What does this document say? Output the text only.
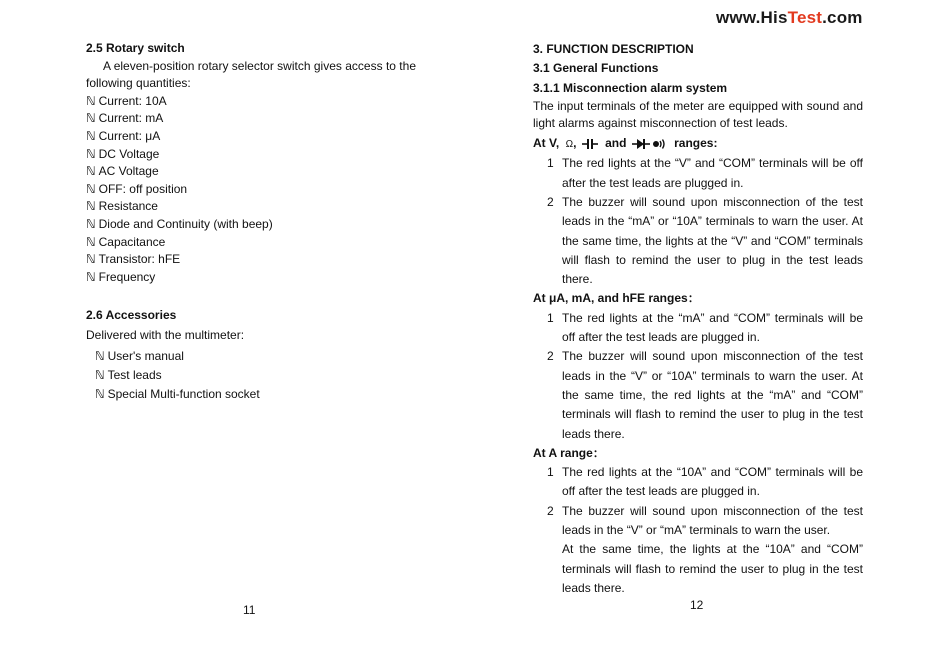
www.HisTest.com

2.5 Rotary switch

A eleven-position rotary selector switch gives access to the following quantities:

ℕ Current: 10A

ℕ Current: mA

ℕ Current: μA

ℕ DC Voltage

ℕ AC Voltage

ℕ OFF: off position

ℕ Resistance

ℕ Diode and Continuity (with beep)

ℕ Capacitance

ℕ Transistor: hFE

ℕ Frequency

2.6 Accessories

Delivered with the multimeter:

ℕ User's manual

ℕ Test leads

ℕ Special Multi-function socket

11

3. FUNCTION DESCRIPTION

3.1 General Functions

3.1.1 Misconnection alarm system

The input terminals of the meter are equipped with sound and light alarms against misconnection of test leads.

At V, Ω, and	ranges:

1 The red lights at the “V” and “COM” terminals will be off after the test leads are plugged in.

2 The buzzer will sound upon misconnection of the test leads in the “mA” or “10A” terminals to warn the user. At the same time, the lights at the “V” and “COM” terminals will flash to remind the user to plug in the test leads there.

At μA, mA, and hFE ranges：

1 The red lights at the “mA” and “COM” terminals will be off after the test leads are plugged in.

2 The buzzer will sound upon misconnection of the test leads in the “V” or “10A” terminals to warn the user. At the same time, the red lights at the “mA” and “COM” terminals will flash to remind the user to plug in the test leads there.

At A range：

1 The red lights at the “10A” and “COM” terminals will be off after the test leads are plugged in.

2 The buzzer will sound upon misconnection of the test leads in the “V” or “mA” terminals to warn the user.

At the same time, the lights at the “10A” and “COM” terminals will flash to remind the user to plug in the test leads there.

12
